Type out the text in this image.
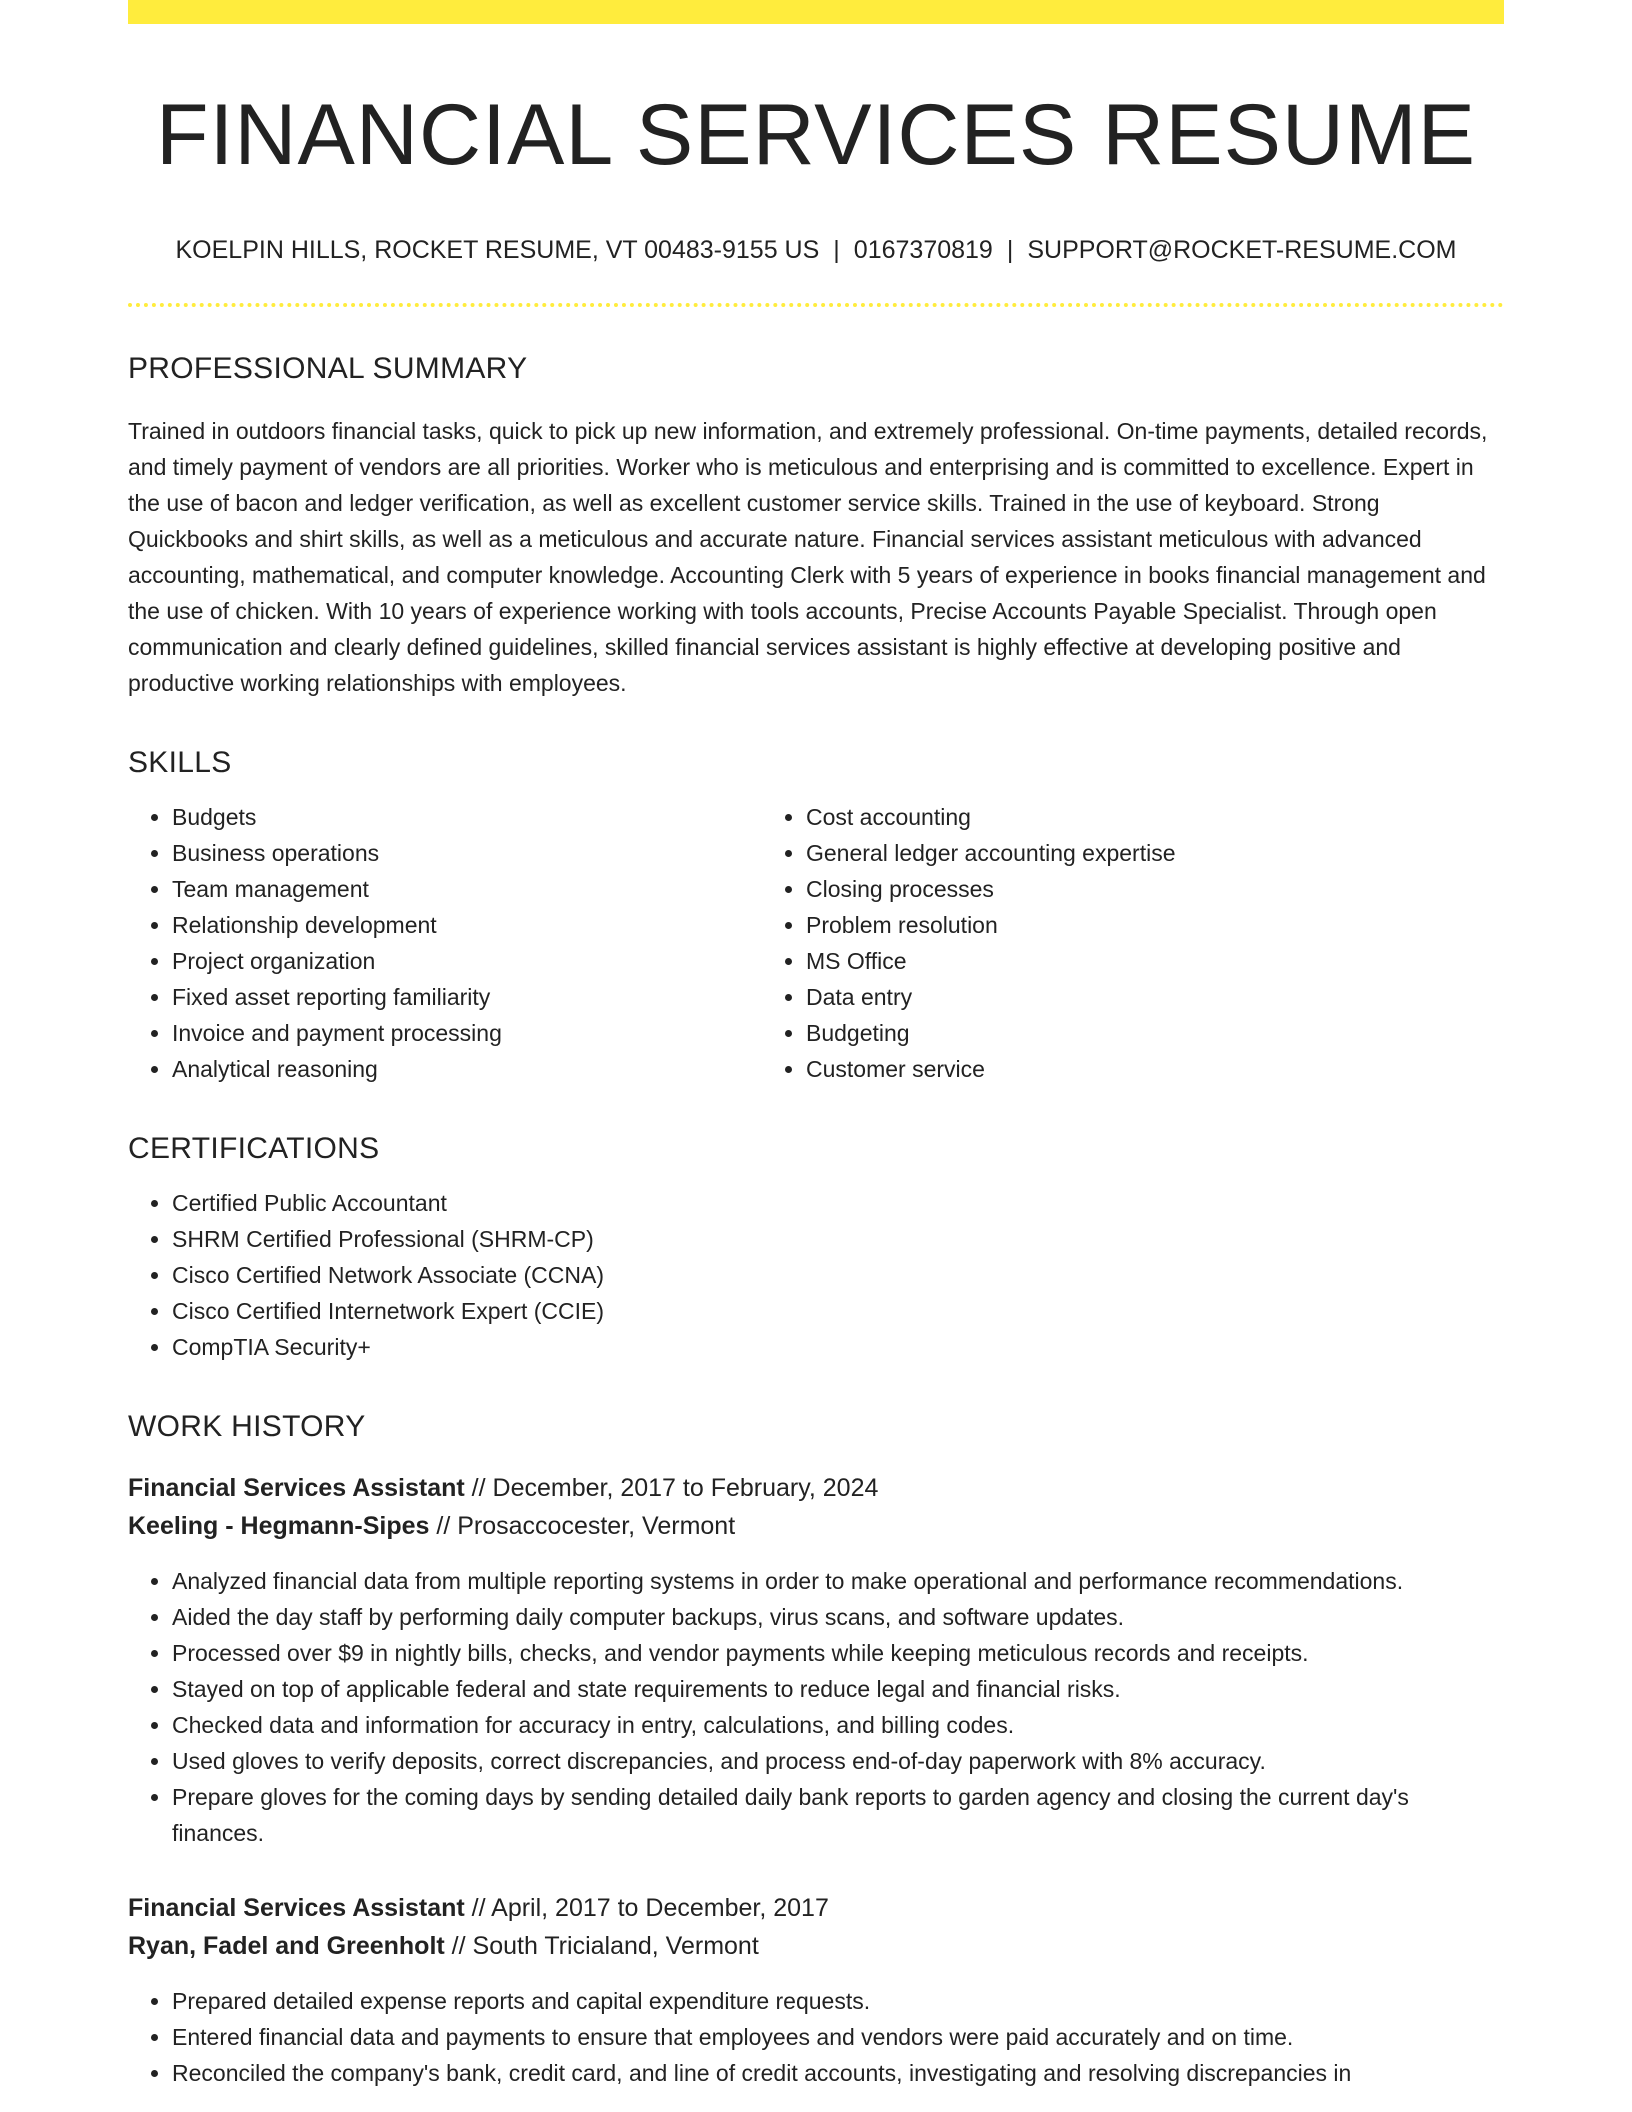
FINANCIAL SERVICES RESUME
KOELPIN HILLS, ROCKET RESUME, VT 00483-9155 US | 0167370819 | SUPPORT@ROCKET-RESUME.COM
PROFESSIONAL SUMMARY

Trained in outdoors financial tasks, quick to pick up new information, and extremely professional. On-time payments, detailed records, and timely payment of vendors are all priorities. Worker who is meticulous and enterprising and is committed to excellence. Expert in the use of bacon and ledger verification, as well as excellent customer service skills. Trained in the use of keyboard. Strong Quickbooks and shirt skills, as well as a meticulous and accurate nature. Financial services assistant meticulous with advanced accounting, mathematical, and computer knowledge. Accounting Clerk with 5 years of experience in books financial management and the use of chicken. With 10 years of experience working with tools accounts, Precise Accounts Payable Specialist. Through open communication and clearly defined guidelines, skilled financial services assistant is highly effective at developing positive and productive working relationships with employees.

SKILLS
• Budgets
• Business operations
• Team management
• Relationship development
• Project organization
• Fixed asset reporting familiarity
• Invoice and payment processing
• Analytical reasoning
• Cost accounting
• General ledger accounting expertise
• Closing processes
• Problem resolution
• MS Office
• Data entry
• Budgeting
• Customer service
CERTIFICATIONS
• Certified Public Accountant
• SHRM Certified Professional (SHRM-CP)
• Cisco Certified Network Associate (CCNA)
• Cisco Certified Internetwork Expert (CCIE)
• CompTIA Security+
WORK HISTORY
Financial Services Assistant // December, 2017 to February, 2024
Keeling - Hegmann-Sipes // Prosaccocester, Vermont
• Analyzed financial data from multiple reporting systems in order to make operational and performance recommendations.
• Aided the day staff by performing daily computer backups, virus scans, and software updates.
• Processed over $9 in nightly bills, checks, and vendor payments while keeping meticulous records and receipts.
• Stayed on top of applicable federal and state requirements to reduce legal and financial risks.
• Checked data and information for accuracy in entry, calculations, and billing codes.
• Used gloves to verify deposits, correct discrepancies, and process end-of-day paperwork with 8% accuracy.
• Prepare gloves for the coming days by sending detailed daily bank reports to garden agency and closing the current day's finances.
Financial Services Assistant // April, 2017 to December, 2017
Ryan, Fadel and Greenholt // South Tricialand, Vermont
• Prepared detailed expense reports and capital expenditure requests.
• Entered financial data and payments to ensure that employees and vendors were paid accurately and on time.
• Reconciled the company's bank, credit card, and line of credit accounts, investigating and resolving discrepancies in
